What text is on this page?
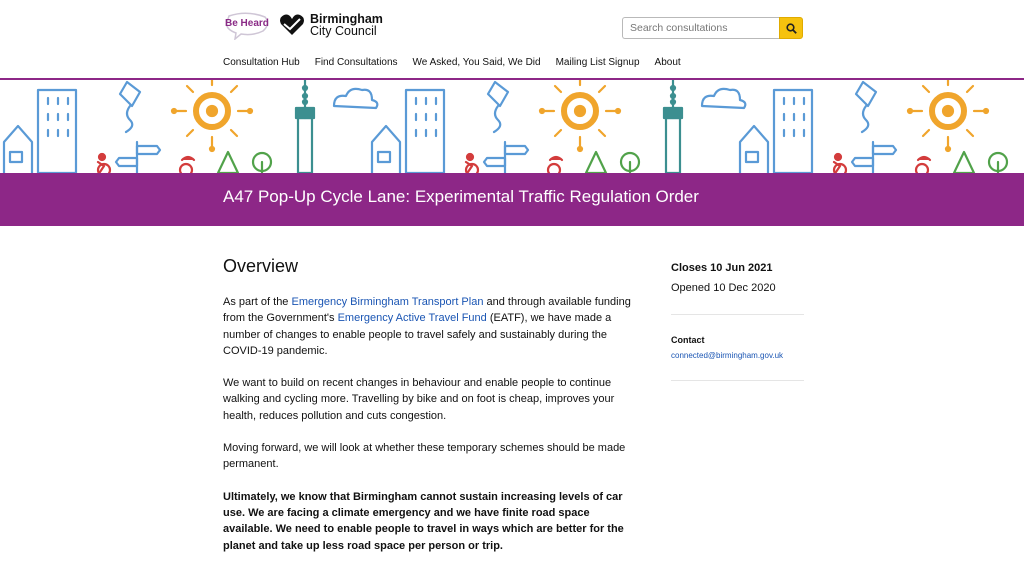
Be Heard	Birmingham
City Council
Search consultations
Consultation Hub Find Consultations We Asked, You Said, We Did Mailing List Signup About
A47 Pop-Up Cycle Lane: Experimental Traffic Regulation Order
Overview

As part of the Emergency Birmingham Transport Plan and through available funding from the Government's Emergency Active Travel Fund (EATF), we have made a number of changes to enable people to travel safely and sustainably during the COVID-19 pandemic.

We want to build on recent changes in behaviour and enable people to continue walking and cycling more. Travelling by bike and on foot is cheap, improves your health, reduces pollution and cuts congestion.

Moving forward, we will look at whether these temporary schemes should be made permanent.

Ultimately, we know that Birmingham cannot sustain increasing levels of car use. We are facing a climate emergency and we have finite road space available. We need to enable people to travel in ways which are better for the planet and take up less road space per person or trip.

Closes 10 Jun 2021
Opened 10 Dec 2020
Contact
connected@birmingham.gov.uk
